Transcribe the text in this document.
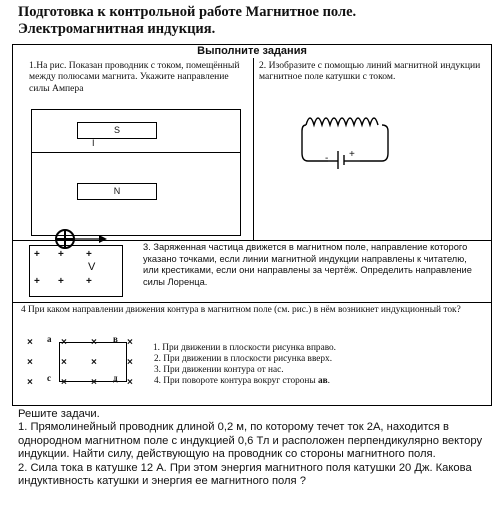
Подготовка к контрольной работе Магнитное поле.
Электромагнитная индукция.
Выполните задания
1.На рис. Показан проводник с током, помещённый между полюсами магнита. Укажите направление силы Ампера
S
I
N
2. Изобразите с помощью линий магнитной индукции магнитное поле катушки с током.
- +
+ + +
+ + +
V
3. Заряженная частица движется в магнитном поле, направление которого указано точками, если линии магнитной индукции направлены к читателю, или крестиками, если они направлены за чертёж. Определить направление силы Лоренца.
4 При каком направлении движения контура в магнитном поле (см. рис.) в нём возникнет индукционный ток?
×	× ×	×
×	× ×	×
×	× ×	×
а	в
с	д
1. При движении в плоскости рисунка вправо.
2. При движении в плоскости рисунка вверх.
3. При движении контура от нас.
4. При повороте контура вокруг стороны ав.

Решите задачи.

1. Прямолинейный проводник длиной 0,2 м, по которому течет ток 2А, находится в однородном магнитном поле с индукцией 0,6 Тл и расположен перпендикулярно вектору индукции. Найти силу, действующую на проводник со стороны магнитного поля.

2. Сила тока в катушке 12 А. При этом энергия магнитного поля катушки 20 Дж. Какова индуктивность катушки и энергия ее магнитного поля ?
